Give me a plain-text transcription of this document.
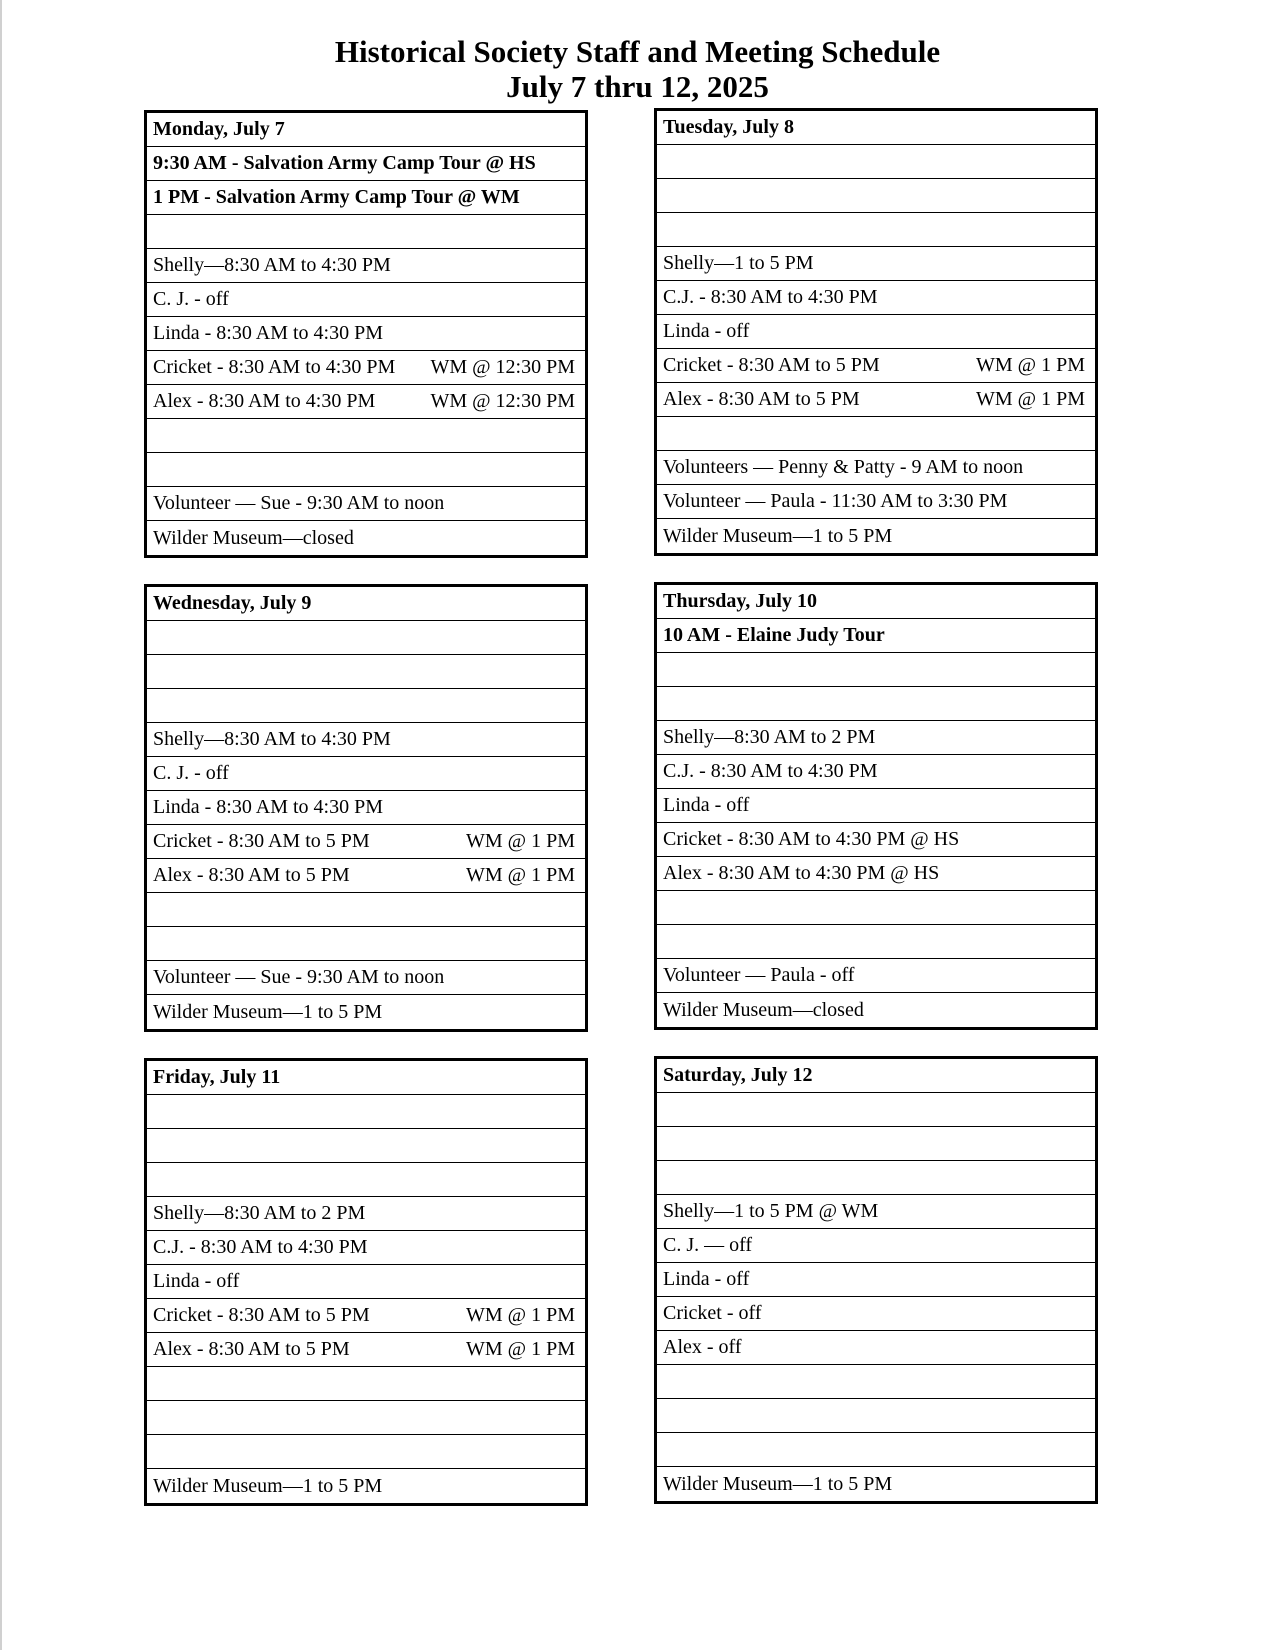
Historical Society Staff and Meeting Schedule
July 7 thru 12, 2025
Monday, July 7
9:30 AM - Salvation Army Camp Tour @ HS
1 PM - Salvation Army Camp Tour @ WM
Shelly—8:30 AM to 4:30 PM
C. J. - off
Linda - 8:30 AM to 4:30 PM
Cricket - 8:30 AM to 4:30 PM WM @ 12:30 PM
Alex - 8:30 AM to 4:30 PM	WM @ 12:30 PM
Volunteer — Sue - 9:30 AM to noon
Wilder Museum—closed
Tuesday, July 8
Shelly—1 to 5 PM
C.J. - 8:30 AM to 4:30 PM
Linda - off
Cricket - 8:30 AM to 5 PM	WM @ 1 PM
Alex - 8:30 AM to 5 PM	WM @ 1 PM
Volunteers — Penny & Patty - 9 AM to noon
Volunteer — Paula - 11:30 AM to 3:30 PM
Wilder Museum—1 to 5 PM
Wednesday, July 9
Shelly—8:30 AM to 4:30 PM
C. J. - off
Linda - 8:30 AM to 4:30 PM
Cricket - 8:30 AM to 5 PM	WM @ 1 PM
Alex - 8:30 AM to 5 PM	WM @ 1 PM
Volunteer — Sue - 9:30 AM to noon
Wilder Museum—1 to 5 PM
Thursday, July 10
10 AM - Elaine Judy Tour
Shelly—8:30 AM to 2 PM
C.J. - 8:30 AM to 4:30 PM
Linda - off
Cricket - 8:30 AM to 4:30 PM @ HS
Alex - 8:30 AM to 4:30 PM @ HS
Volunteer — Paula - off
Wilder Museum—closed
Friday, July 11
Shelly—8:30 AM to 2 PM
C.J. - 8:30 AM to 4:30 PM
Linda - off
Cricket - 8:30 AM to 5 PM	WM @ 1 PM
Alex - 8:30 AM to 5 PM	WM @ 1 PM
Wilder Museum—1 to 5 PM
Saturday, July 12
Shelly—1 to 5 PM @ WM
C. J. — off
Linda - off
Cricket - off
Alex - off
Wilder Museum—1 to 5 PM
